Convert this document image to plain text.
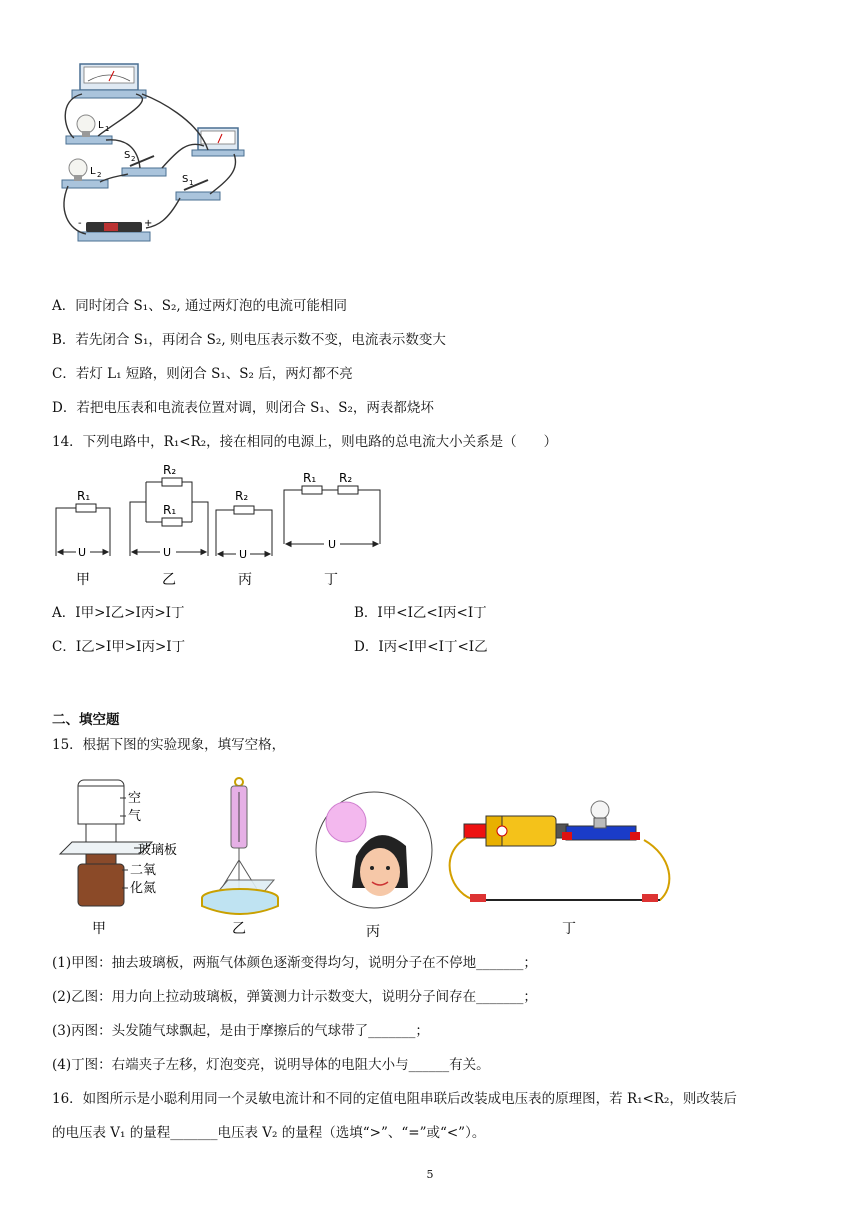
L 1
L 2
S 2
S 1
-	+
A．同时闭合 S₁、S₂, 通过两灯泡的电流可能相同
B．若先闭合 S₁，再闭合 S₂, 则电压表示数不变，电流表示数变大
C．若灯 L₁ 短路，则闭合 S₁、S₂ 后，两灯都不亮
D．若把电压表和电流表位置对调，则闭合 S₁、S₂，两表都烧坏
14．下列电路中，R₁<R₂，接在相同的电源上，则电路的总电流大小关系是（　　）
R₁
R₂
R₁
R₂
R₁ R₂
U	U	U
U
甲	乙	丙	丁
A．I甲>I乙>I丙>I丁	B．I甲<I乙<I丙<I丁
C．I乙>I甲>I丙>I丁	D．I丙<I甲<I丁<I乙
二、填空题
15．根据下图的实验现象，填写空格，
空
气
玻璃板
二氧
化氮
甲	乙	丙	丁
(1)甲图：抽去玻璃板，两瓶气体颜色逐渐变得均匀，说明分子在不停地_______；
(2)乙图：用力向上拉动玻璃板，弹簧测力计示数变大，说明分子间存在_______；
(3)丙图：头发随气球飘起，是由于摩擦后的气球带了_______；
(4)丁图：右端夹子左移，灯泡变亮，说明导体的电阻大小与______有关。
16．如图所示是小聪利用同一个灵敏电流计和不同的定值电阻串联后改装成电压表的原理图，若 R₁<R₂，则改装后
的电压表 V₁ 的量程_______电压表 V₂ 的量程（选填“>”、“=”或“<”）。
5
